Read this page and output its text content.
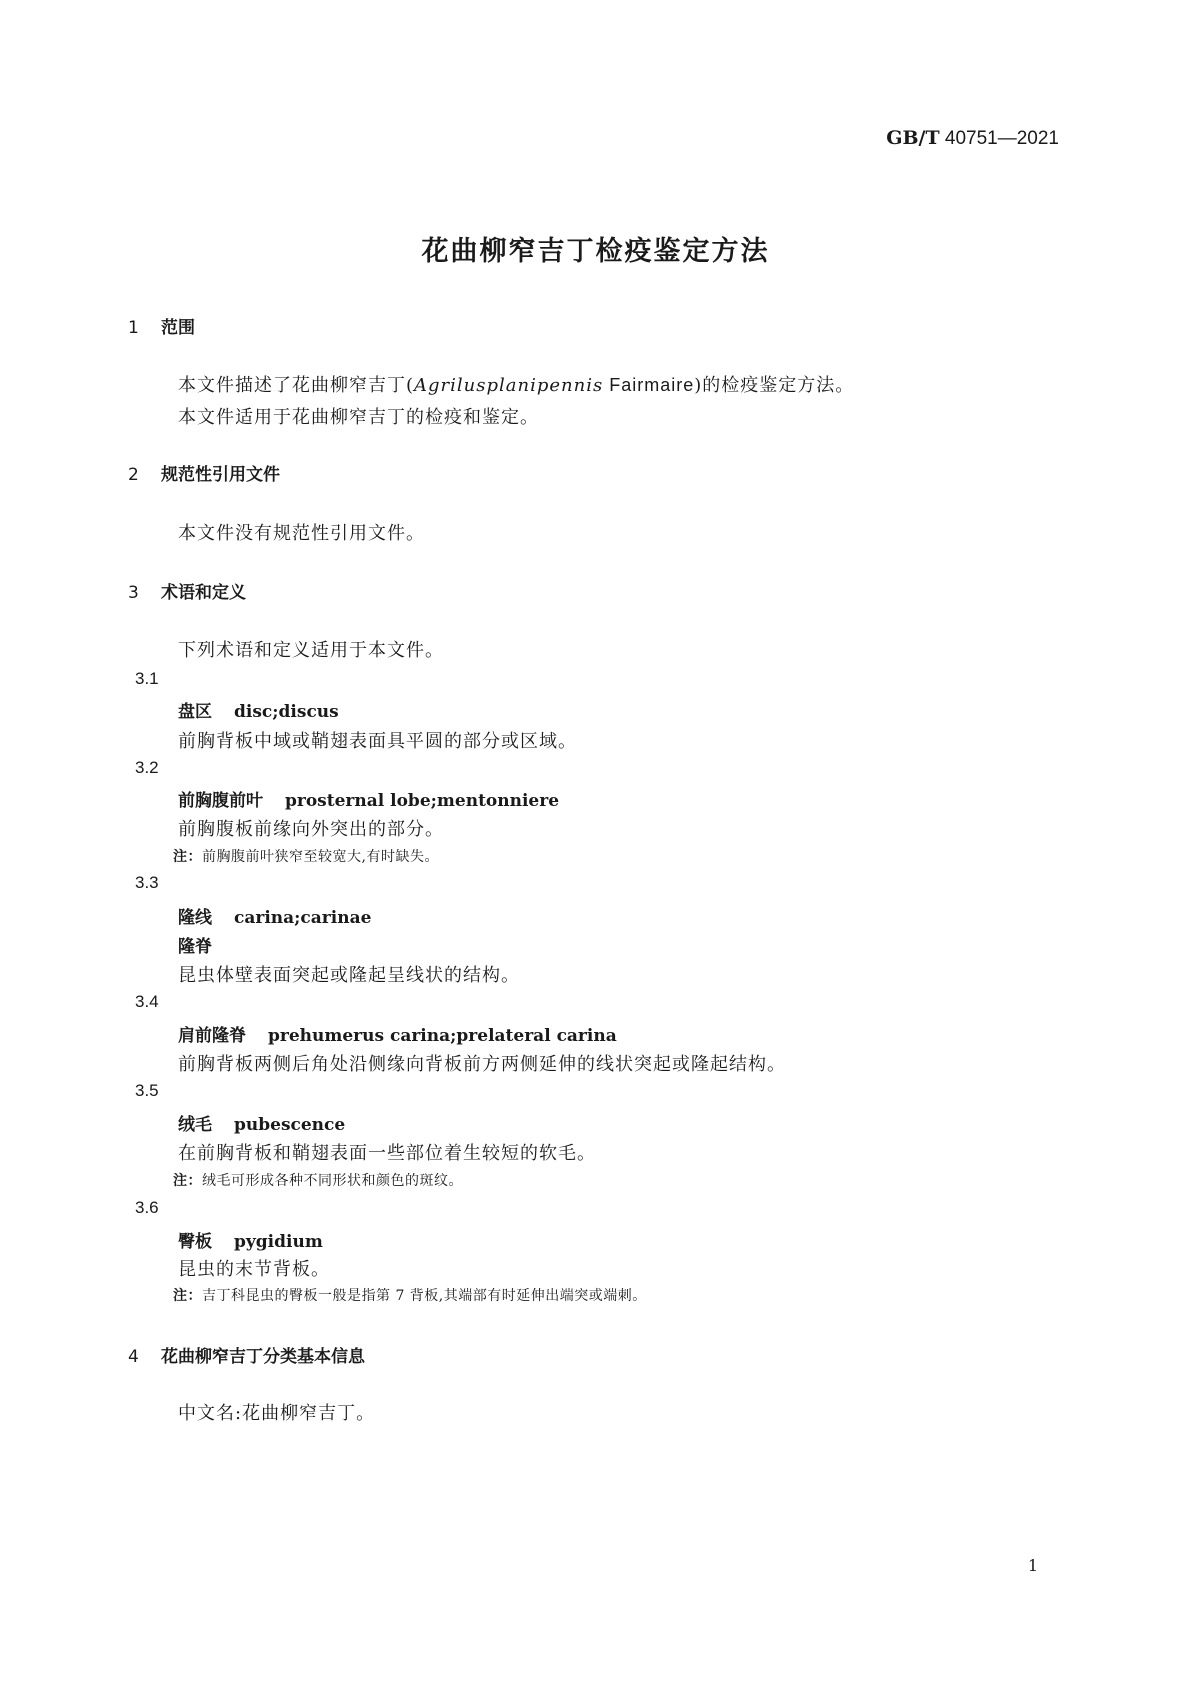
GB/T 40751—2021
花曲柳窄吉丁检疫鉴定方法
1 范围
本文件描述了花曲柳窄吉丁(Agrilusplanipennis Fairmaire)的检疫鉴定方法。
本文件适用于花曲柳窄吉丁的检疫和鉴定。
2 规范性引用文件
本文件没有规范性引用文件。
3 术语和定义
下列术语和定义适用于本文件。
3.1
盘区 disc;discus
前胸背板中域或鞘翅表面具平圆的部分或区域。
3.2
前胸腹前叶 prosternal lobe;mentonniere
前胸腹板前缘向外突出的部分。
注：前胸腹前叶狭窄至较宽大,有时缺失。
3.3
隆线 carina;carinae
隆脊
昆虫体壁表面突起或隆起呈线状的结构。
3.4
肩前隆脊 prehumerus carina;prelateral carina
前胸背板两侧后角处沿侧缘向背板前方两侧延伸的线状突起或隆起结构。
3.5
绒毛 pubescence
在前胸背板和鞘翅表面一些部位着生较短的软毛。
注：绒毛可形成各种不同形状和颜色的斑纹。
3.6
臀板 pygidium
昆虫的末节背板。
注：吉丁科昆虫的臀板一般是指第 7 背板,其端部有时延伸出端突或端刺。
4 花曲柳窄吉丁分类基本信息
中文名:花曲柳窄吉丁。
1
